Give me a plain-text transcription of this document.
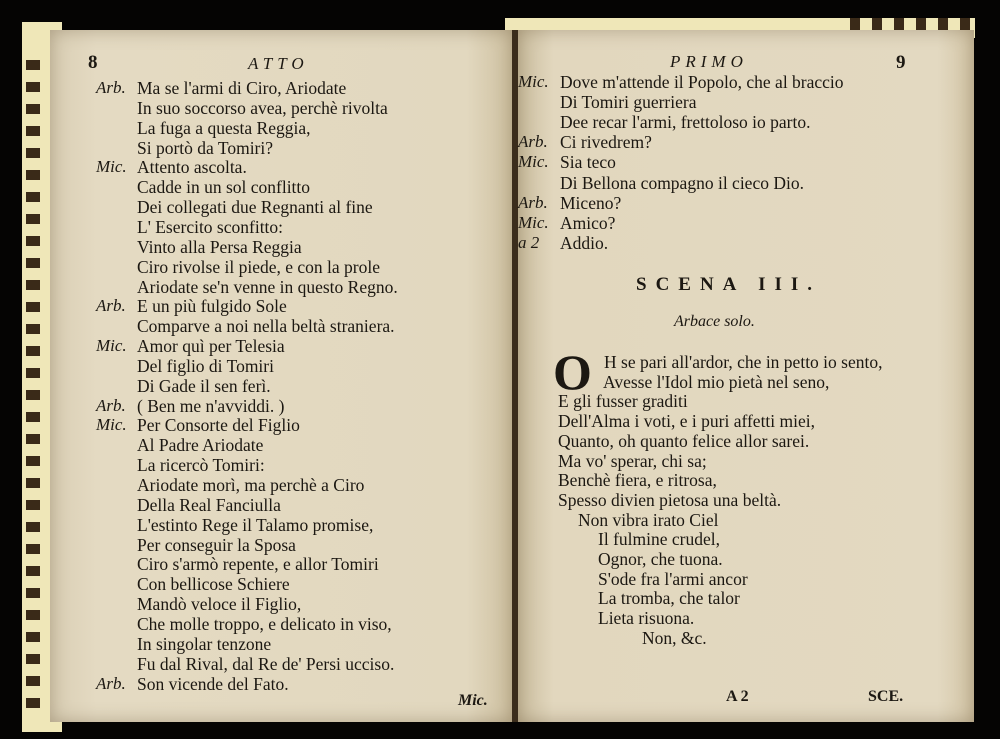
8	ATTO	PRIMO	9
Arb. Ma se l'armi di Ciro, Ariodate
In suo soccorso avea, perchè rivolta
La fuga a questa Reggia,
Si portò da Tomiri?
Mic. Attento ascolta.
Cadde in un sol conflitto
Dei collegati due Regnanti al fine
L' Esercito sconfitto:
Vinto alla Persa Reggia
Ciro rivolse il piede, e con la prole
Ariodate se'n venne in questo Regno.
Arb. E un più fulgido Sole
Comparve a noi nella beltà straniera.
Mic. Amor quì per Telesia
Del figlio di Tomiri
Di Gade il sen ferì.
Arb. ( Ben me n'avviddi. )
Mic. Per Consorte del Figlio
Al Padre Ariodate
La ricercò Tomiri:
Ariodate morì, ma perchè a Ciro
Della Real Fanciulla
L'estinto Rege il Talamo promise,
Per conseguir la Sposa
Ciro s'armò repente, e allor Tomiri
Con bellicose Schiere
Mandò veloce il Figlio,
Che molle troppo, e delicato in viso,
In singolar tenzone
Fu dal Rival, dal Re de' Persi ucciso.
Arb. Son vicende del Fato.
Mic. Dove m'attende il Popolo, che al braccio
Di Tomiri guerriera
Dee recar l'armi, frettoloso io parto.
Arb. Ci rivedrem?
Mic. Sia teco
Di Bellona compagno il cieco Dio.
Arb. Miceno?
Mic. Amico?
a 2 Addio.
SCENA III.
Arbace solo.
O H se pari all'ardor, che in petto io sento,
Avesse l'Idol mio pietà nel seno,
E gli fusser graditi
Dell'Alma i voti, e i puri affetti miei,
Quanto, oh quanto felice allor sarei.
Ma vo' sperar, chi sa;
Benchè fiera, e ritrosa,
Spesso divien pietosa una beltà.
Non vibra irato Ciel
Il fulmine crudel,
Ognor, che tuona.
S'ode fra l'armi ancor
La tromba, che talor
Lieta risuona.
Non, &c.
Mic.	A 2	SCE.
